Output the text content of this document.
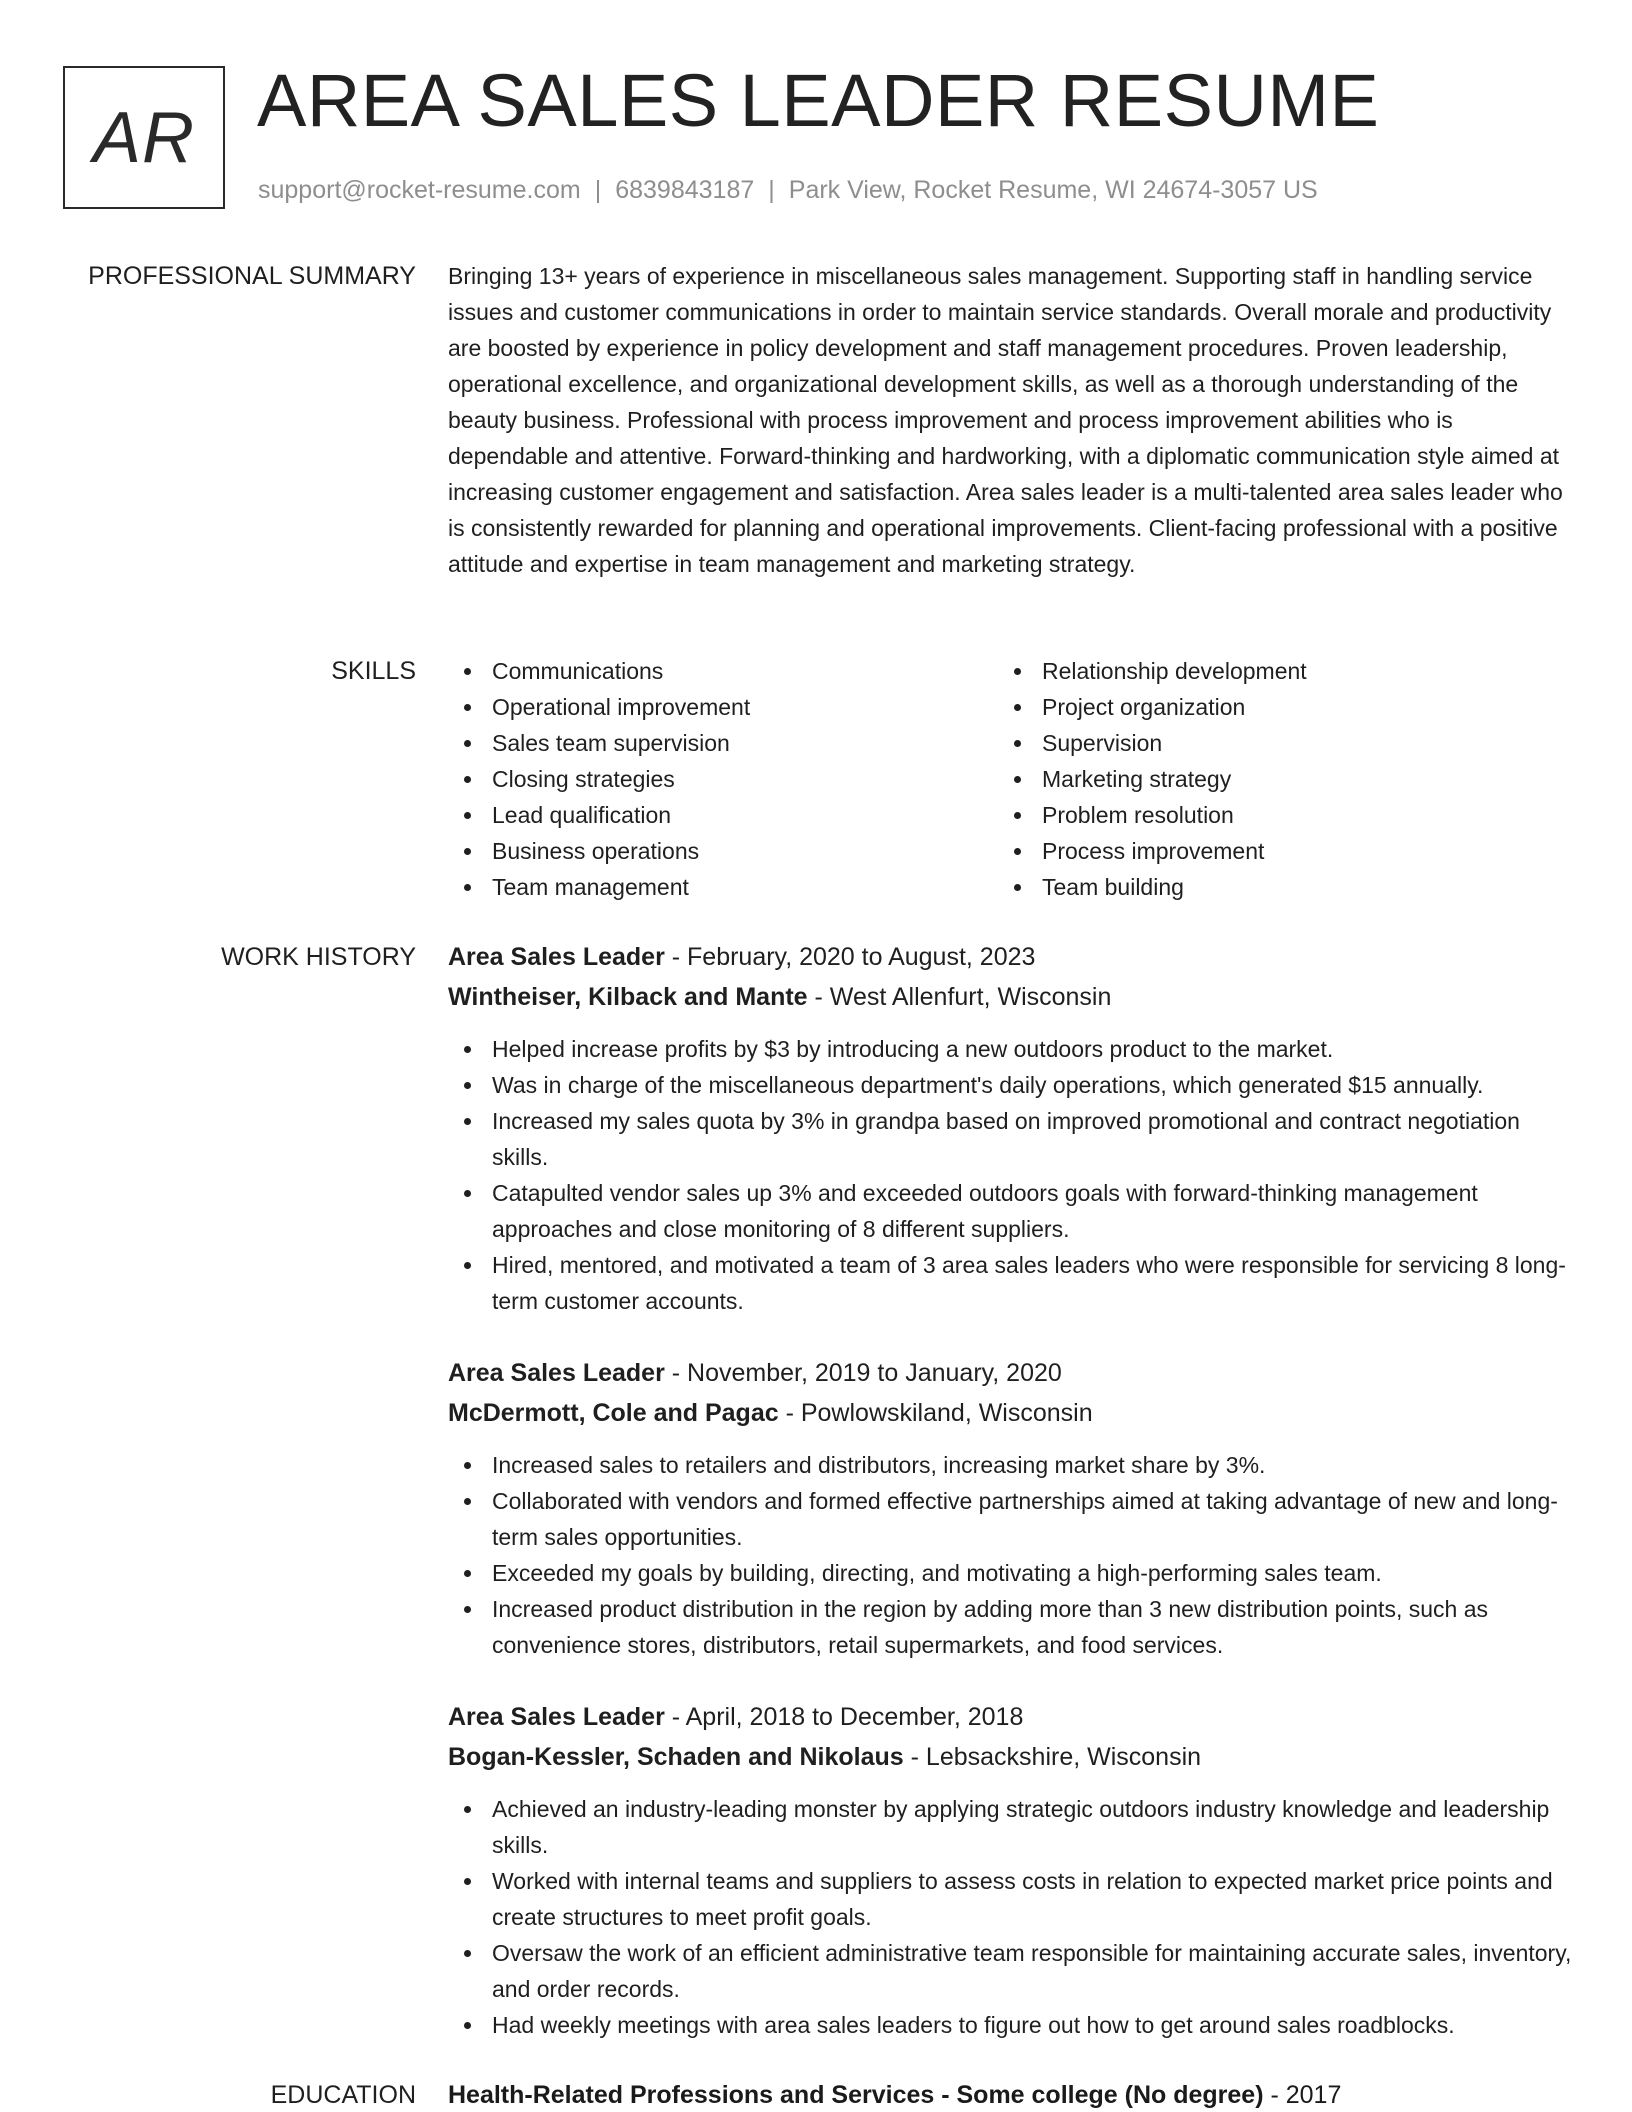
AR AREA SALES LEADER RESUME
support@rocket-resume.com | 6839843187 | Park View, Rocket Resume, WI 24674-3057 US
PROFESSIONAL SUMMARY Bringing 13+ years of experience in miscellaneous sales management. Supporting staff in handling service issues and customer communications in order to maintain service standards. Overall morale and productivity are boosted by experience in policy development and staff management procedures. Proven leadership, operational excellence, and organizational development skills, as well as a thorough understanding of the beauty business. Professional with process improvement and process improvement abilities who is dependable and attentive. Forward-thinking and hardworking, with a diplomatic communication style aimed at increasing customer engagement and satisfaction. Area sales leader is a multi-talented area sales leader who is consistently rewarded for planning and operational improvements. Client-facing professional with a positive attitude and expertise in team management and marketing strategy.

SKILLS	Communications
Operational improvement
Sales team supervision
Closing strategies
Lead qualification
Business operations
Team management
Relationship development
Project organization
Supervision
Marketing strategy
Problem resolution
Process improvement
Team building
WORK HISTORY Area Sales Leader - February, 2020 to August, 2023
Wintheiser, Kilback and Mante - West Allenfurt, Wisconsin
Helped increase profits by $3 by introducing a new outdoors product to the market.
Was in charge of the miscellaneous department's daily operations, which generated $15 annually.
Increased my sales quota by 3% in grandpa based on improved promotional and contract negotiation skills.
Catapulted vendor sales up 3% and exceeded outdoors goals with forward-thinking management approaches and close monitoring of 8 different suppliers.
Hired, mentored, and motivated a team of 3 area sales leaders who were responsible for servicing 8 long-term customer accounts.
Area Sales Leader - November, 2019 to January, 2020
McDermott, Cole and Pagac - Powlowskiland, Wisconsin
Increased sales to retailers and distributors, increasing market share by 3%.
Collaborated with vendors and formed effective partnerships aimed at taking advantage of new and long-term sales opportunities.
Exceeded my goals by building, directing, and motivating a high-performing sales team.
Increased product distribution in the region by adding more than 3 new distribution points, such as convenience stores, distributors, retail supermarkets, and food services.
Area Sales Leader - April, 2018 to December, 2018
Bogan-Kessler, Schaden and Nikolaus - Lebsackshire, Wisconsin
Achieved an industry-leading monster by applying strategic outdoors industry knowledge and leadership skills.
Worked with internal teams and suppliers to assess costs in relation to expected market price points and create structures to meet profit goals.
Oversaw the work of an efficient administrative team responsible for maintaining accurate sales, inventory, and order records.
Had weekly meetings with area sales leaders to figure out how to get around sales roadblocks.
EDUCATION Health-Related Professions and Services - Some college (No degree) - 2017
